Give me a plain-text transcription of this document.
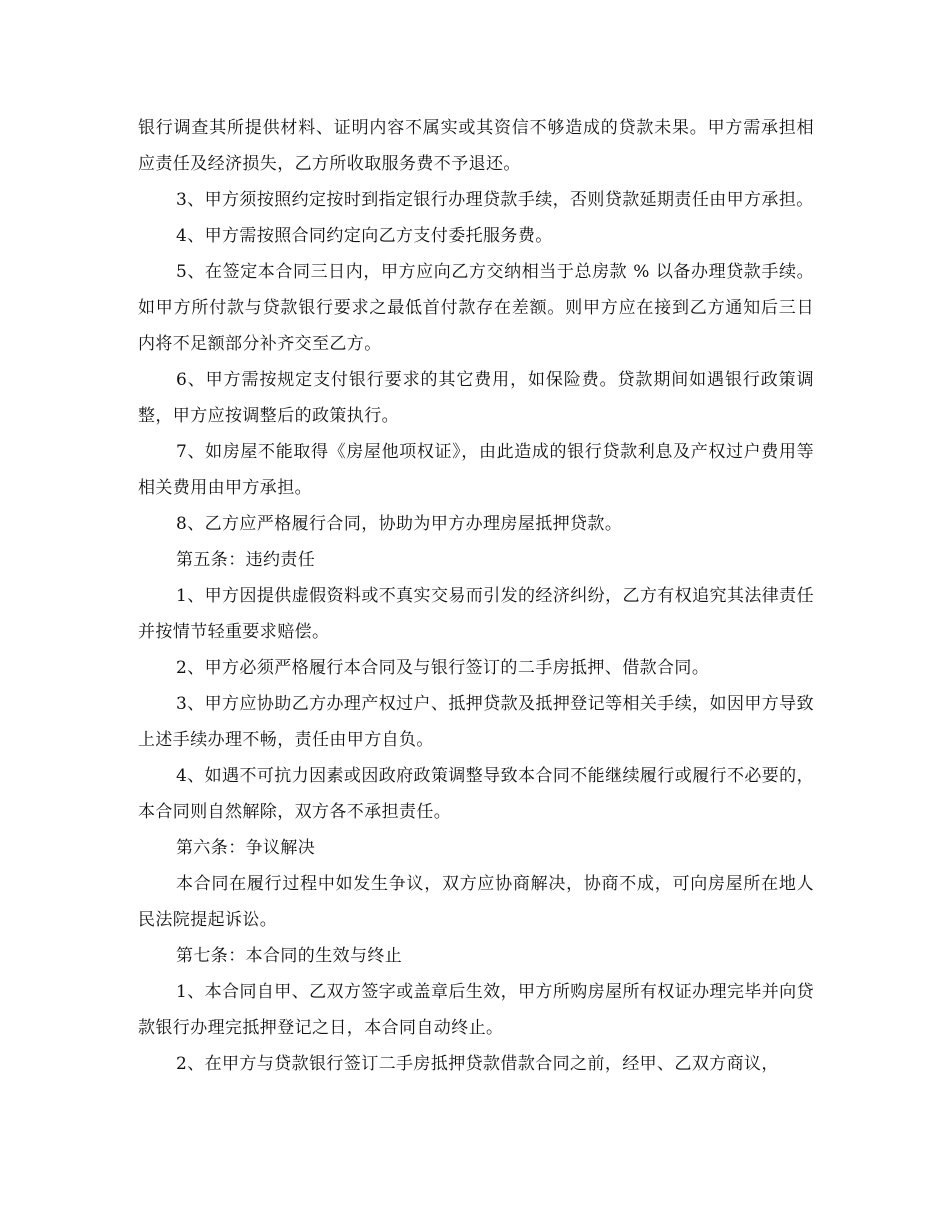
银行调查其所提供材料、证明内容不属实或其资信不够造成的贷款未果。甲方需承担相应责任及经济损失，乙方所收取服务费不予退还。

3、甲方须按照约定按时到指定银行办理贷款手续，否则贷款延期责任由甲方承担。

4、甲方需按照合同约定向乙方支付委托服务费。

5、在签定本合同三日内，甲方应向乙方交纳相当于总房款 % 以备办理贷款手续。如甲方所付款与贷款银行要求之最低首付款存在差额。则甲方应在接到乙方通知后三日内将不足额部分补齐交至乙方。

6、甲方需按规定支付银行要求的其它费用，如保险费。贷款期间如遇银行政策调整，甲方应按调整后的政策执行。

7、如房屋不能取得《房屋他项权证》，由此造成的银行贷款利息及产权过户费用等相关费用由甲方承担。

8、乙方应严格履行合同，协助为甲方办理房屋抵押贷款。

第五条：违约责任

1、甲方因提供虚假资料或不真实交易而引发的经济纠纷，乙方有权追究其法律责任并按情节轻重要求赔偿。

2、甲方必须严格履行本合同及与银行签订的二手房抵押、借款合同。

3、甲方应协助乙方办理产权过户、抵押贷款及抵押登记等相关手续，如因甲方导致上述手续办理不畅，责任由甲方自负。

4、如遇不可抗力因素或因政府政策调整导致本合同不能继续履行或履行不必要的，本合同则自然解除，双方各不承担责任。

第六条：争议解决

本合同在履行过程中如发生争议，双方应协商解决，协商不成，可向房屋所在地人民法院提起诉讼。

第七条：本合同的生效与终止

1、本合同自甲、乙双方签字或盖章后生效，甲方所购房屋所有权证办理完毕并向贷款银行办理完抵押登记之日，本合同自动终止。

2、在甲方与贷款银行签订二手房抵押贷款借款合同之前，经甲、乙双方商议，
